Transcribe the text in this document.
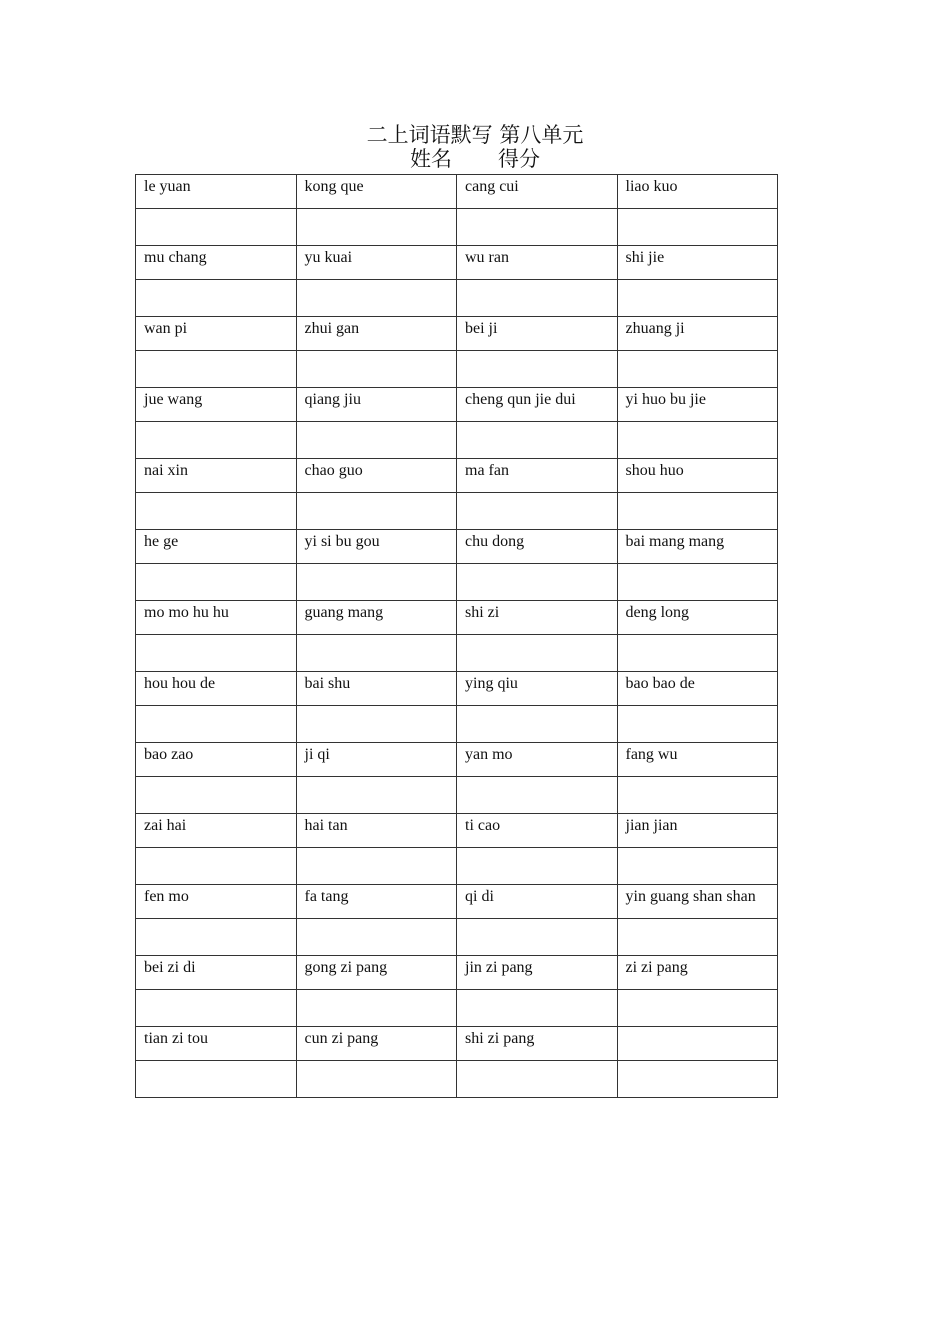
二上词语默写 第八单元
姓名 得分
le yuan	kong que	cang cui	liao kuo

mu chang	yu kuai	wu ran	shi jie

wan pi	zhui gan	bei ji	zhuang ji

jue wang	qiang jiu	cheng qun jie dui	yi huo bu jie

nai xin	chao guo	ma fan	shou huo

he ge	yi si bu gou	chu dong	bai mang mang

mo mo hu hu	guang mang	shi zi	deng long

hou hou de	bai shu	ying qiu	bao bao de

bao zao	ji qi	yan mo	fang wu

zai hai	hai tan	ti cao	jian jian

fen mo	fa tang	qi di	yin guang shan shan

bei zi di	gong zi pang	jin zi pang	zi zi pang

tian zi tou	cun zi pang	shi zi pang	
